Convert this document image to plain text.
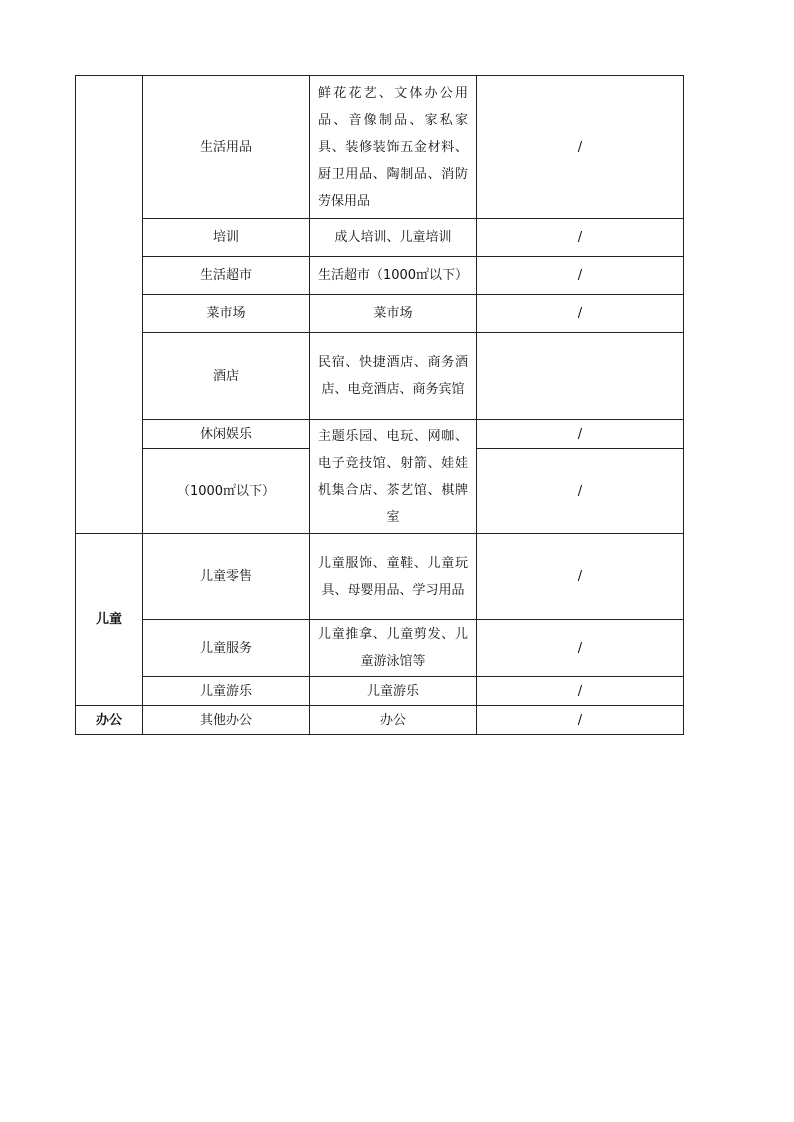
	生活用品	鲜花花艺、文体办公用品、音像制品、家私家具、装修装饰五金材料、厨卫用品、陶制品、消防劳保用品	/
	培训	成人培训、儿童培训	/
	生活超市	生活超市（1000㎡以下）	/
	菜市场	菜市场	/
	酒店	民宿、快捷酒店、商务酒店、电竞酒店、商务宾馆	

	休闲娱乐	主题乐园、电玩、网咖、电子竞技馆、射箭、娃娃机集合店、茶艺馆、棋牌室	/
	（1000㎡以下）		/

儿童	儿童零售	儿童服饰、童鞋、儿童玩具、母婴用品、学习用品	/
	儿童服务	儿童推拿、儿童剪发、儿童游泳馆等	/
	儿童游乐	儿童游乐	/
办公	其他办公	办公	/
